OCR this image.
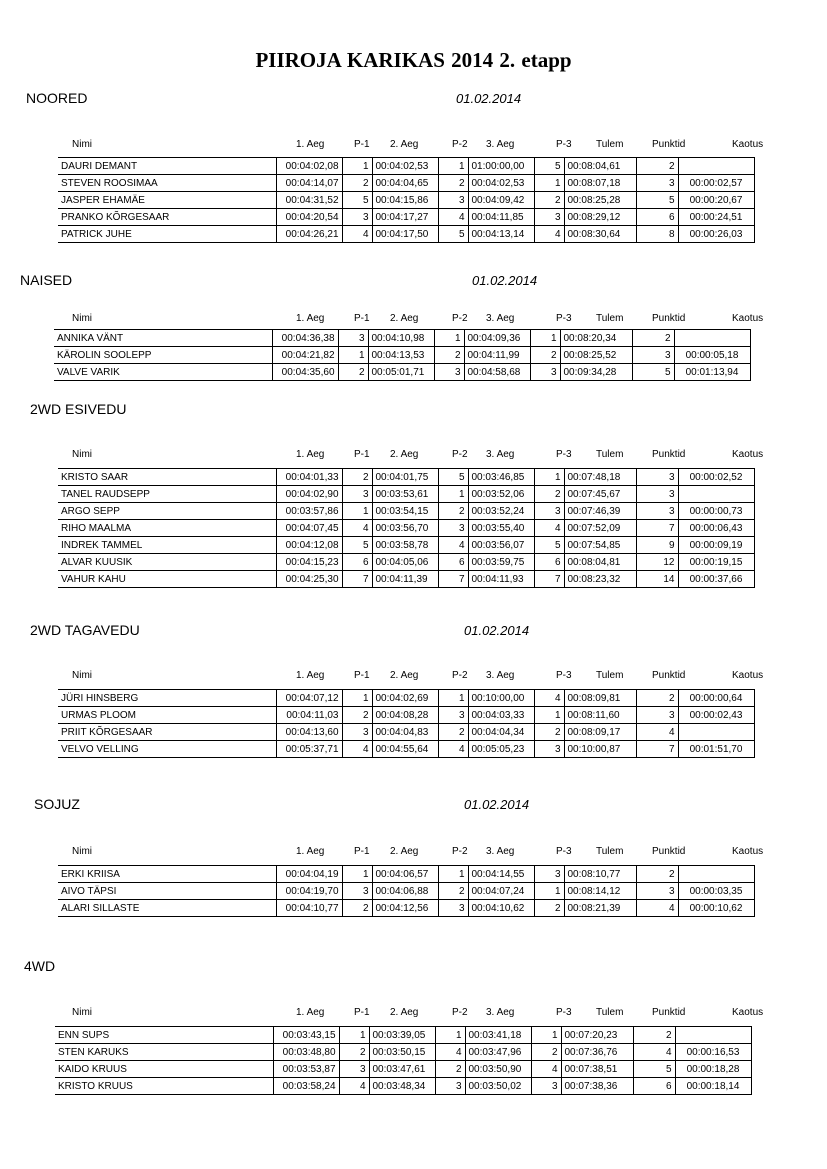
PIIROJA KARIKAS 2014 2. etapp
NOORED	01.02.2014
Nimi	1. Aeg	P-1 2. Aeg	P-2 3. Aeg	P-3 Tulem	Punktid	Kaotus
DAURI DEMANT	00:04:02,08	1	00:04:02,53	1	01:00:00,00	5	00:08:04,61	2	
STEVEN ROOSIMAA	00:04:14,07	2	00:04:04,65	2	00:04:02,53	1	00:08:07,18	3	00:00:02,57
JASPER EHAMÄE	00:04:31,52	5	00:04:15,86	3	00:04:09,42	2	00:08:25,28	5	00:00:20,67
PRANKO KÕRGESAAR	00:04:20,54	3	00:04:17,27	4	00:04:11,85	3	00:08:29,12	6	00:00:24,51
PATRICK JUHE	00:04:26,21	4	00:04:17,50	5	00:04:13,14	4	00:08:30,64	8	00:00:26,03
NAISED	01.02.2014
Nimi	1. Aeg	P-1 2. Aeg	P-2 3. Aeg	P-3 Tulem	Punktid	Kaotus
ANNIKA VÄNT	00:04:36,38	3	00:04:10,98	1	00:04:09,36	1	00:08:20,34	2	
KÄROLIN SOOLEPP	00:04:21,82	1	00:04:13,53	2	00:04:11,99	2	00:08:25,52	3	00:00:05,18
VALVE VARIK	00:04:35,60	2	00:05:01,71	3	00:04:58,68	3	00:09:34,28	5	00:01:13,94
2WD ESIVEDU
Nimi	1. Aeg	P-1 2. Aeg	P-2 3. Aeg	P-3 Tulem	Punktid	Kaotus
KRISTO SAAR	00:04:01,33	2	00:04:01,75	5	00:03:46,85	1	00:07:48,18	3	00:00:02,52
TANEL RAUDSEPP	00:04:02,90	3	00:03:53,61	1	00:03:52,06	2	00:07:45,67	3	
ARGO SEPP	00:03:57,86	1	00:03:54,15	2	00:03:52,24	3	00:07:46,39	3	00:00:00,73
RIHO MAALMA	00:04:07,45	4	00:03:56,70	3	00:03:55,40	4	00:07:52,09	7	00:00:06,43
INDREK TAMMEL	00:04:12,08	5	00:03:58,78	4	00:03:56,07	5	00:07:54,85	9	00:00:09,19
ALVAR KUUSIK	00:04:15,23	6	00:04:05,06	6	00:03:59,75	6	00:08:04,81	12	00:00:19,15
VAHUR KAHU	00:04:25,30	7	00:04:11,39	7	00:04:11,93	7	00:08:23,32	14	00:00:37,66
2WD TAGAVEDU	01.02.2014
Nimi	1. Aeg	P-1 2. Aeg	P-2 3. Aeg	P-3 Tulem	Punktid	Kaotus
JÜRI HINSBERG	00:04:07,12	1	00:04:02,69	1	00:10:00,00	4	00:08:09,81	2	00:00:00,64
URMAS PLOOM	00:04:11,03	2	00:04:08,28	3	00:04:03,33	1	00:08:11,60	3	00:00:02,43
PRIIT KÕRGESAAR	00:04:13,60	3	00:04:04,83	2	00:04:04,34	2	00:08:09,17	4	
VELVO VELLING	00:05:37,71	4	00:04:55,64	4	00:05:05,23	3	00:10:00,87	7	00:01:51,70
SOJUZ	01.02.2014
Nimi	1. Aeg	P-1 2. Aeg	P-2 3. Aeg	P-3 Tulem	Punktid	Kaotus
ERKI KRIISA	00:04:04,19	1	00:04:06,57	1	00:04:14,55	3	00:08:10,77	2	
AIVO TÄPSI	00:04:19,70	3	00:04:06,88	2	00:04:07,24	1	00:08:14,12	3	00:00:03,35
ALARI SILLASTE	00:04:10,77	2	00:04:12,56	3	00:04:10,62	2	00:08:21,39	4	00:00:10,62
4WD
Nimi	1. Aeg	P-1 2. Aeg	P-2 3. Aeg	P-3 Tulem	Punktid	Kaotus
ENN SUPS	00:03:43,15	1	00:03:39,05	1	00:03:41,18	1	00:07:20,23	2	
STEN KARUKS	00:03:48,80	2	00:03:50,15	4	00:03:47,96	2	00:07:36,76	4	00:00:16,53
KAIDO KRUUS	00:03:53,87	3	00:03:47,61	2	00:03:50,90	4	00:07:38,51	5	00:00:18,28
KRISTO KRUUS	00:03:58,24	4	00:03:48,34	3	00:03:50,02	3	00:07:38,36	6	00:00:18,14
